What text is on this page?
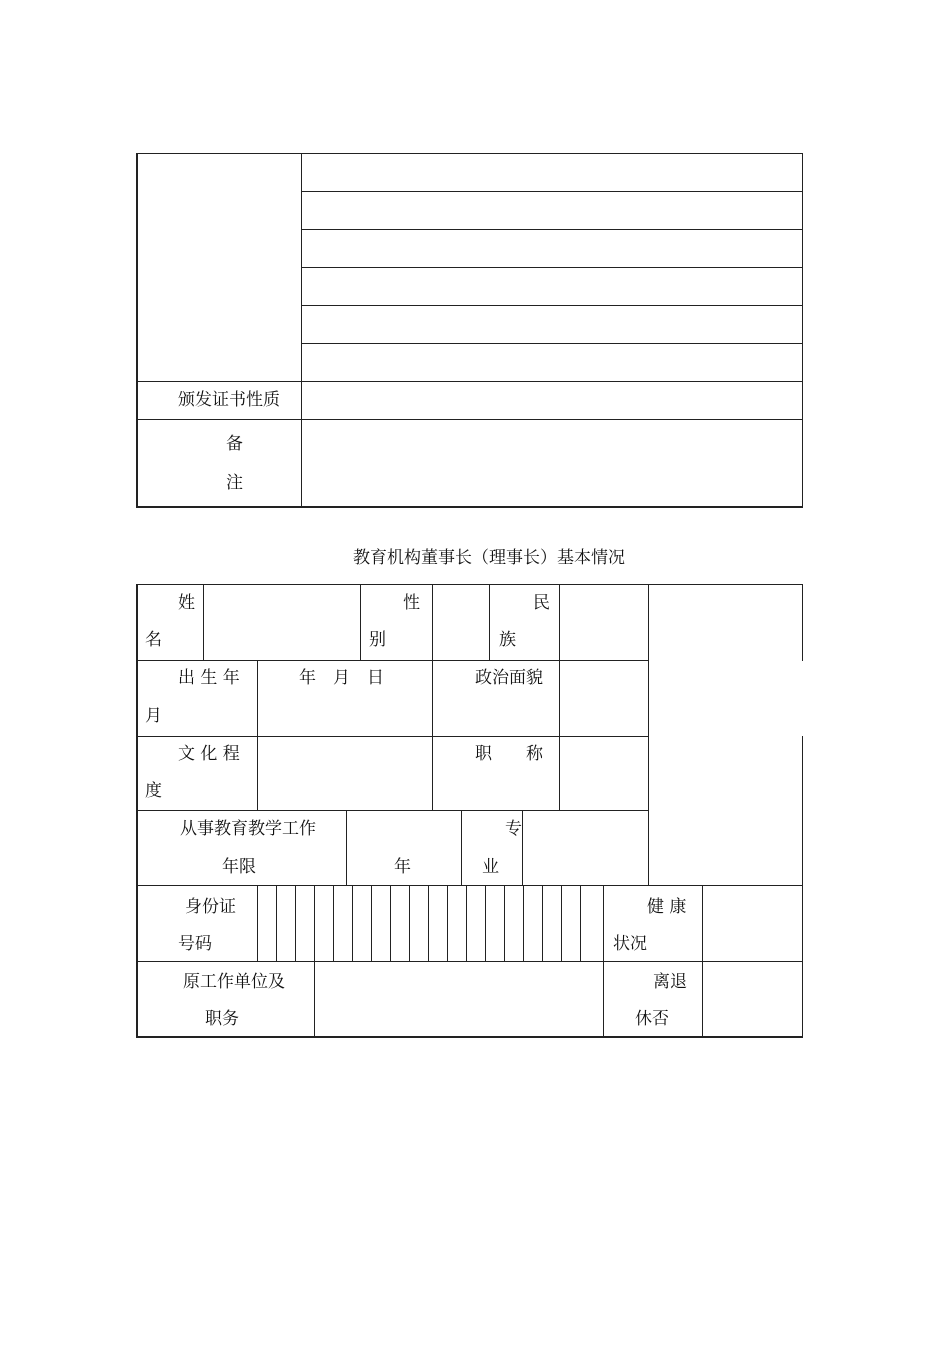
颁发证书性质
备
注
教育机构董事长（理事长）基本情况
姓
名
性
别
民
族
出 生 年
月
年　月　日	政治面貌
文 化 程
度
职　　称
从事教育教学工作
年限	年
专
业
身份证
号码
健 康
状况
原工作单位及
职务
离退
休否
